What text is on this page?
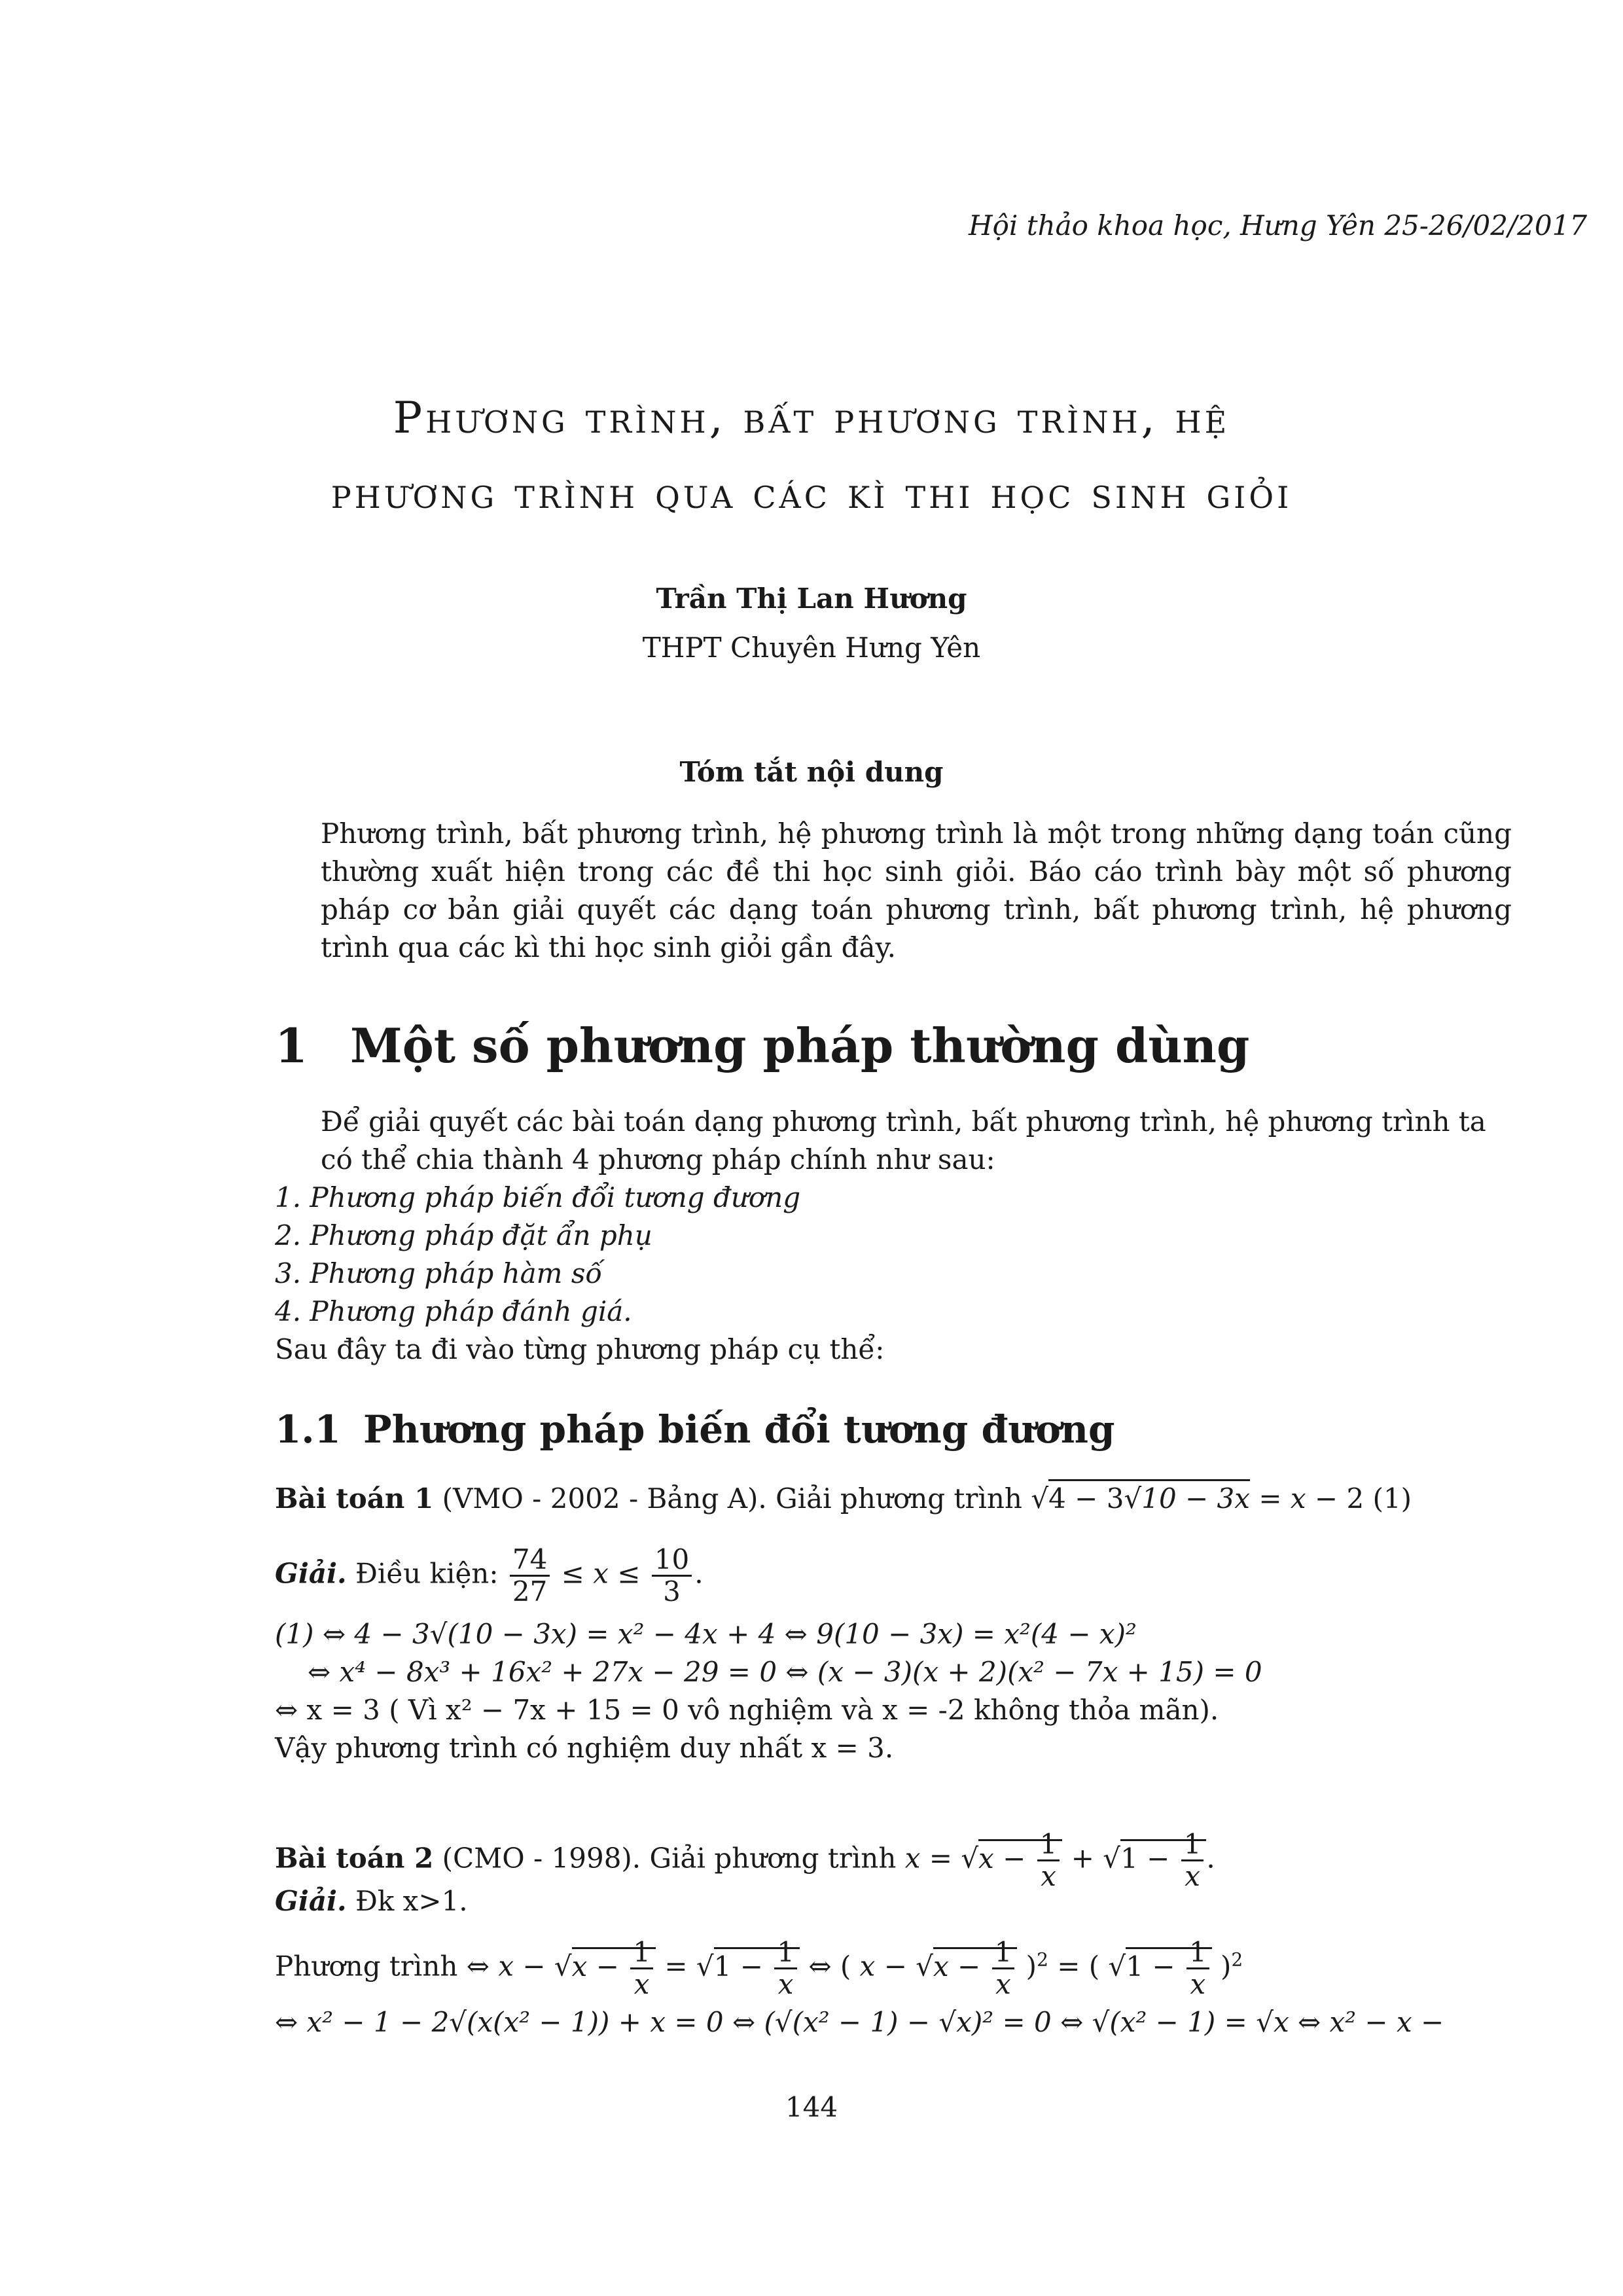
Hội thảo khoa học, Hưng Yên 25-26/02/2017
Phương trình, bất phương trình, hệ
phương trình qua các kì thi học sinh giỏi
Trần Thị Lan Hương
THPT Chuyên Hưng Yên
Tóm tắt nội dung
Phương trình, bất phương trình, hệ phương trình là một trong những dạng toán cũng thường xuất hiện trong các đề thi học sinh giỏi. Báo cáo trình bày một số phương pháp cơ bản giải quyết các dạng toán phương trình, bất phương trình, hệ phương trình qua các kì thi học sinh giỏi gần đây.
1 Một số phương pháp thường dùng
Để giải quyết các bài toán dạng phương trình, bất phương trình, hệ phương trình ta có thể chia thành 4 phương pháp chính như sau:
1. Phương pháp biến đổi tương đương
2. Phương pháp đặt ẩn phụ
3. Phương pháp hàm số
4. Phương pháp đánh giá.
Sau đây ta đi vào từng phương pháp cụ thể:
1.1 Phương pháp biến đổi tương đương
Bài toán 1 (VMO - 2002 - Bảng A). Giải phương trình √4 − 3√10 − 3x = x − 2 (1)
Giải. Điều kiện: $\frac{74}{27} \le x \le \frac{10}{3}$ .
(1) ⇔ 4 − 3√(10 − 3x) = x² − 4x + 4 ⇔ 9(10 − 3x) = x²(4 − x)²
⇔ x⁴ − 8x³ + 16x² + 27x − 29 = 0 ⇔ (x − 3)(x + 2)(x² − 7x + 15) = 0
⇔ x = 3 ( Vì x² − 7x + 15 = 0 vô nghiệm và x = -2 không thỏa mãn).
Vậy phương trình có nghiệm duy nhất x = 3.
Bài toán 2 (CMO - 1998). Giải phương trình $x = √x - \frac{1}{x} + √1 - \frac{1}{x}$ .
Giải. Đk x>1.
Phương trình ⇔ $x - √x - \frac{1}{x} = √1 - \frac{1}{x}$ ⇔ ( $x - √x - \frac{1}{x} )^2$ = ( $√1 - \frac{1}{x} )^2$
⇔ x² − 1 − 2√(x(x² − 1)) + x = 0 ⇔ (√(x² − 1) − √x)² = 0 ⇔ √(x² − 1) = √x ⇔ x² − x −
144
